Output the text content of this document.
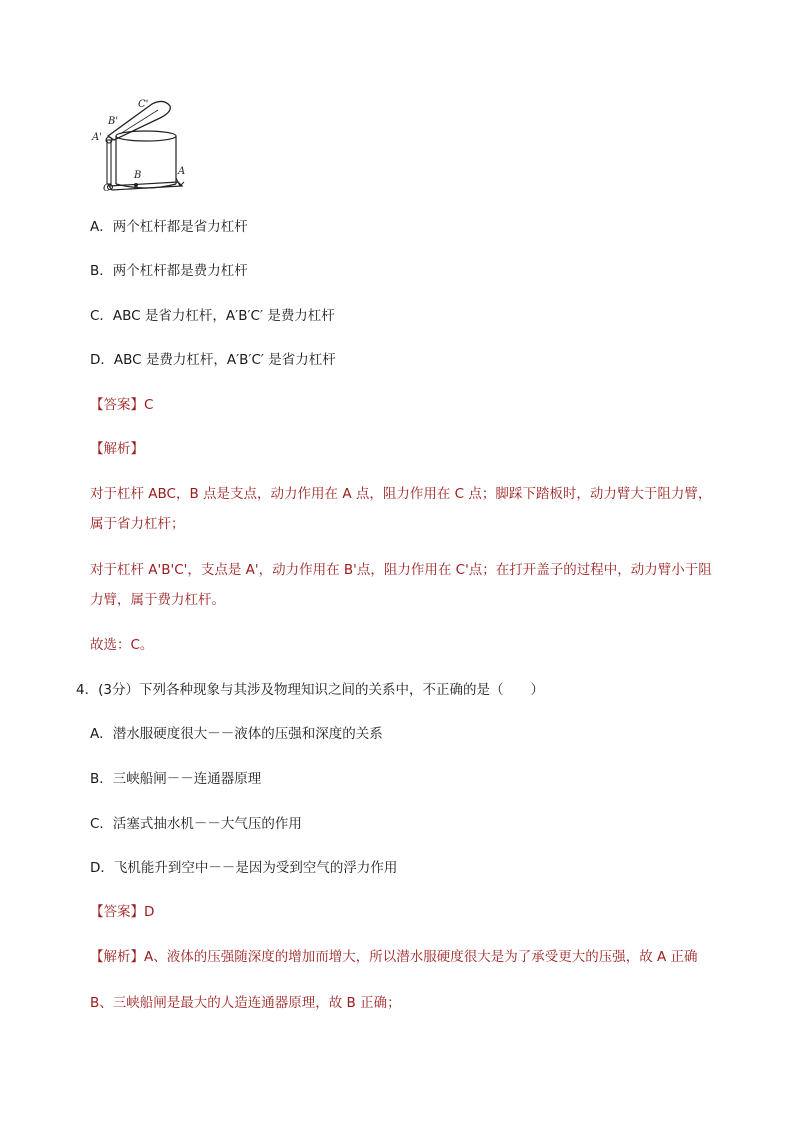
C'
B'
A'
B	A
C
A．两个杠杆都是省力杠杆
B．两个杠杆都是费力杠杆
C．ABC 是省力杠杆，A′B′C′ 是费力杠杆
D．ABC 是费力杠杆，A′B′C′ 是省力杠杆
【答案】C
【解析】
对于杠杆 ABC，B 点是支点，动力作用在 A 点，阻力作用在 C 点；脚踩下踏板时，动力臂大于阻力臂，
属于省力杠杆；
对于杠杆 A'B'C'，支点是 A'，动力作用在 B'点，阻力作用在 C'点；在打开盖子的过程中，动力臂小于阻
力臂，属于费力杠杆。
故选：C。
4．(3分）下列各种现象与其涉及物理知识之间的关系中，不正确的是（　　）
A．潜水服硬度很大－－液体的压强和深度的关系
B．三峡船闸－－连通器原理
C．活塞式抽水机－－大气压的作用
D．飞机能升到空中－－是因为受到空气的浮力作用
【答案】D
【解析】A、液体的压强随深度的增加而增大，所以潜水服硬度很大是为了承受更大的压强，故 A 正确
B、三峡船闸是最大的人造连通器原理，故 B 正确；
